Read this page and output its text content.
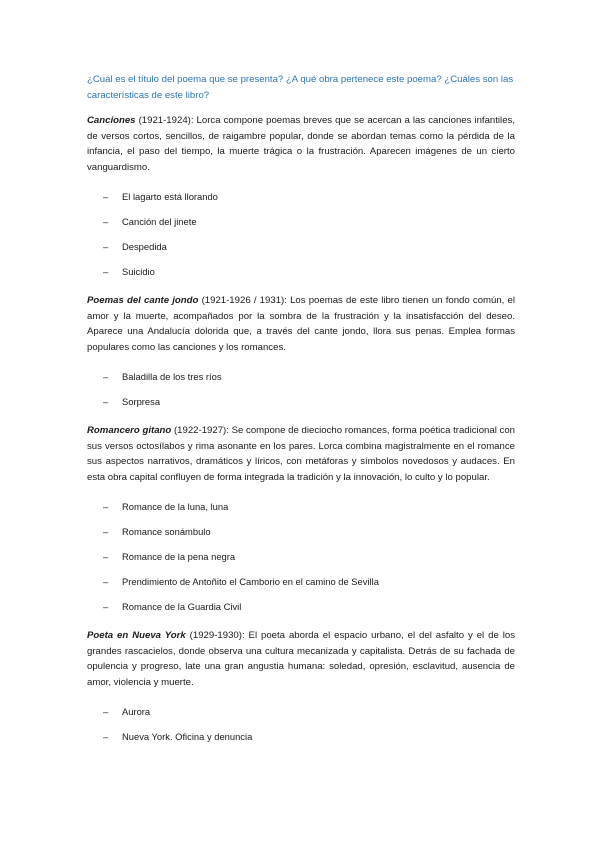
¿Cuál es el título del poema que se presenta? ¿A qué obra pertenece este poema? ¿Cuáles son las características de este libro?

Canciones (1921-1924): Lorca compone poemas breves que se acercan a las canciones infantiles, de versos cortos, sencillos, de raigambre popular, donde se abordan temas como la pérdida de la infancia, el paso del tiempo, la muerte trágica o la frustración. Aparecen imágenes de un cierto vanguardismo.

– El lagarto está llorando
– Canción del jinete
– Despedida
– Suicidio

Poemas del cante jondo (1921-1926 / 1931): Los poemas de este libro tienen un fondo común, el amor y la muerte, acompañados por la sombra de la frustración y la insatisfacción del deseo. Aparece una Andalucía dolorida que, a través del cante jondo, llora sus penas. Emplea formas populares como las canciones y los romances.

– Baladilla de los tres ríos
– Sorpresa

Romancero gitano (1922-1927): Se compone de dieciocho romances, forma poética tradicional con sus versos octosílabos y rima asonante en los pares. Lorca combina magistralmente en el romance sus aspectos narrativos, dramáticos y líricos, con metáforas y símbolos novedosos y audaces. En esta obra capital confluyen de forma integrada la tradición y la innovación, lo culto y lo popular.

– Romance de la luna, luna
– Romance sonámbulo
– Romance de la pena negra
– Prendimiento de Antoñito el Camborio en el camino de Sevilla
– Romance de la Guardia Civil

Poeta en Nueva York (1929-1930): El poeta aborda el espacio urbano, el del asfalto y el de los grandes rascacielos, donde observa una cultura mecanizada y capitalista. Detrás de su fachada de opulencia y progreso, late una gran angustia humana: soledad, opresión, esclavitud, ausencia de amor, violencia y muerte.

– Aurora
– Nueva York. Oficina y denuncia
